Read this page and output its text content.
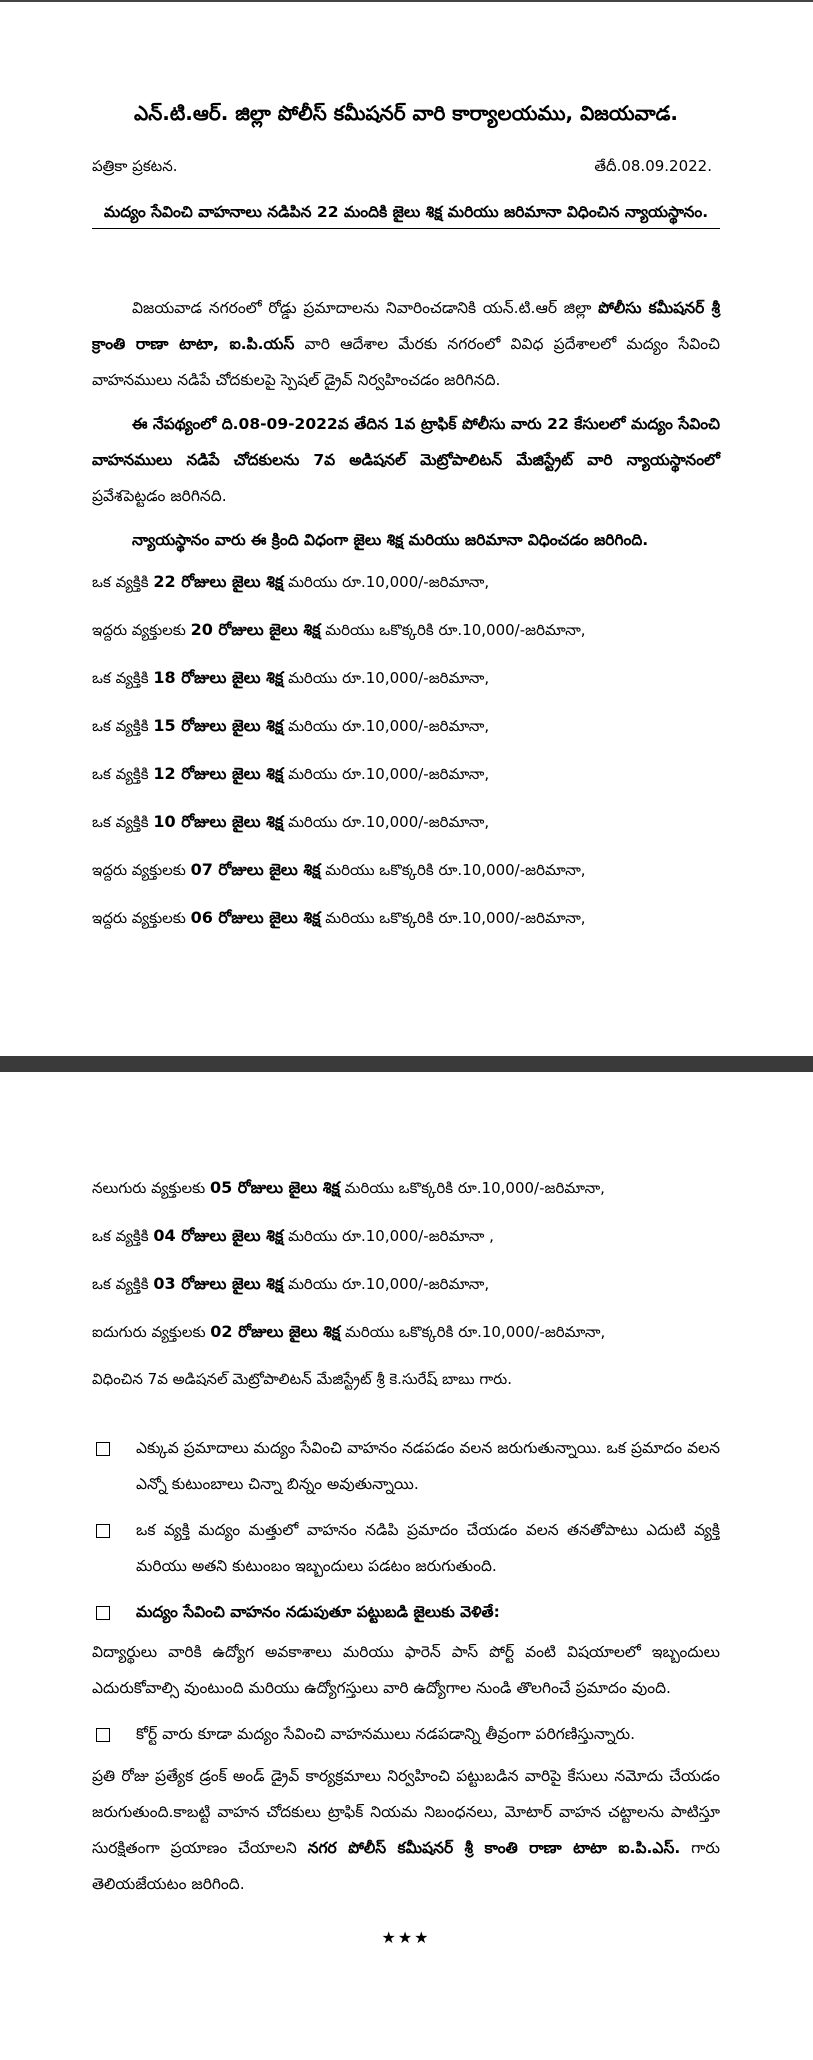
ఎన్.టి.ఆర్. జిల్లా పోలీస్ కమీషనర్ వారి కార్యాలయము, విజయవాడ.
పత్రికా ప్రకటన.	తేదీ.08.09.2022.
మద్యం సేవించి వాహనాలు నడిపిన 22 మందికి జైలు శిక్ష మరియు జరిమానా విధించిన న్యాయస్థానం.

విజయవాడ నగరంలో రోడ్డు ప్రమాదాలను నివారించడానికి యన్.టి.ఆర్ జిల్లా పోలీసు కమీషనర్ శ్రీ క్రాంతి రాణా టాటా, ఐ.పి.యస్ వారి ఆదేశాల మేరకు నగరంలో వివిధ ప్రదేశాలలో మద్యం సేవించి వాహనములు నడిపే చోదకులపై స్పెషల్ డ్రైవ్ నిర్వహించడం జరిగినది.

ఈ నేపథ్యంలో ది.08-09-2022వ తేదిన 1వ ట్రాఫిక్ పోలీసు వారు 22 కేసులలో మద్యం సేవించి వాహనములు నడిపే చోదకులను 7వ అడిషనల్ మెట్రోపాలిటన్ మేజిస్ట్రేట్ వారి న్యాయస్థానంలో ప్రవేశపెట్టడం జరిగినది.

న్యాయస్థానం వారు ఈ క్రింది విధంగా జైలు శిక్ష మరియు జరిమానా విధించడం జరిగింది.

ఒక వ్యక్తికి 22 రోజులు జైలు శిక్ష మరియు రూ.10,000/-జరిమానా,

ఇద్దరు వ్యక్తులకు 20 రోజులు జైలు శిక్ష మరియు ఒకొక్కరికి రూ.10,000/-జరిమానా,

ఒక వ్యక్తికి 18 రోజులు జైలు శిక్ష మరియు రూ.10,000/-జరిమానా,

ఒక వ్యక్తికి 15 రోజులు జైలు శిక్ష మరియు రూ.10,000/-జరిమానా,

ఒక వ్యక్తికి 12 రోజులు జైలు శిక్ష మరియు రూ.10,000/-జరిమానా,

ఒక వ్యక్తికి 10 రోజులు జైలు శిక్ష మరియు రూ.10,000/-జరిమానా,

ఇద్దరు వ్యక్తులకు 07 రోజులు జైలు శిక్ష మరియు ఒకొక్కరికి రూ.10,000/-జరిమానా,

ఇద్దరు వ్యక్తులకు 06 రోజులు జైలు శిక్ష మరియు ఒకొక్కరికి రూ.10,000/-జరిమానా,

నలుగురు వ్యక్తులకు 05 రోజులు జైలు శిక్ష మరియు ఒకొక్కరికి రూ.10,000/-జరిమానా,

ఒక వ్యక్తికి 04 రోజులు జైలు శిక్ష మరియు రూ.10,000/-జరిమానా ,

ఒక వ్యక్తికి 03 రోజులు జైలు శిక్ష మరియు రూ.10,000/-జరిమానా,

ఐదుగురు వ్యక్తులకు 02 రోజులు జైలు శిక్ష మరియు ఒకొక్కరికి రూ.10,000/-జరిమానా,

విధించిన 7వ అడిషనల్ మెట్రోపాలిటన్ మేజిస్ట్రేట్ శ్రీ కె.సురేష్ బాబు గారు.

ఎక్కువ ప్రమాదాలు మద్యం సేవించి వాహనం నడపడం వలన జరుగుతున్నాయి. ఒక ప్రమాదం వలన ఎన్నో కుటుంబాలు చిన్నా బిన్నం అవుతున్నాయి.

ఒక వ్యక్తి మద్యం మత్తులో వాహనం నడిపి ప్రమాదం చేయడం వలన తనతోపాటు ఎదుటి వ్యక్తి మరియు అతని కుటుంబం ఇబ్బందులు పడటం జరుగుతుంది.

మద్యం సేవించి వాహనం నడుపుతూ పట్టుబడి జైలుకు వెళితే:

విద్యార్థులు వారికి ఉద్యోగ అవకాశాలు మరియు ఫారెన్ పాస్ పోర్ట్ వంటి విషయాలలో ఇబ్బందులు ఎదురుకోవాల్సి వుంటుంది మరియు ఉద్యోగస్తులు వారి ఉద్యోగాల నుండి తొలగించే ప్రమాదం వుంది.

కోర్ట్ వారు కూడా మద్యం సేవించి వాహనములు నడపడాన్ని తీవ్రంగా పరిగణిస్తున్నారు.

ప్రతి రోజు ప్రత్యేక డ్రంక్ అండ్ డ్రైవ్ కార్యక్రమాలు నిర్వహించి పట్టుబడిన వారిపై కేసులు నమోదు చేయడం జరుగుతుంది.కాబట్టి వాహన చోదకులు ట్రాఫిక్ నియమ నిబంధనలు, మోటార్ వాహన చట్టాలను పాటిస్తూ సురక్షితంగా ప్రయాణం చేయాలని నగర పోలీస్ కమీషనర్ శ్రీ కాంతి రాణా టాటా ఐ.పి.ఎస్. గారు తెలియజేయటం జరిగింది.

★★★
